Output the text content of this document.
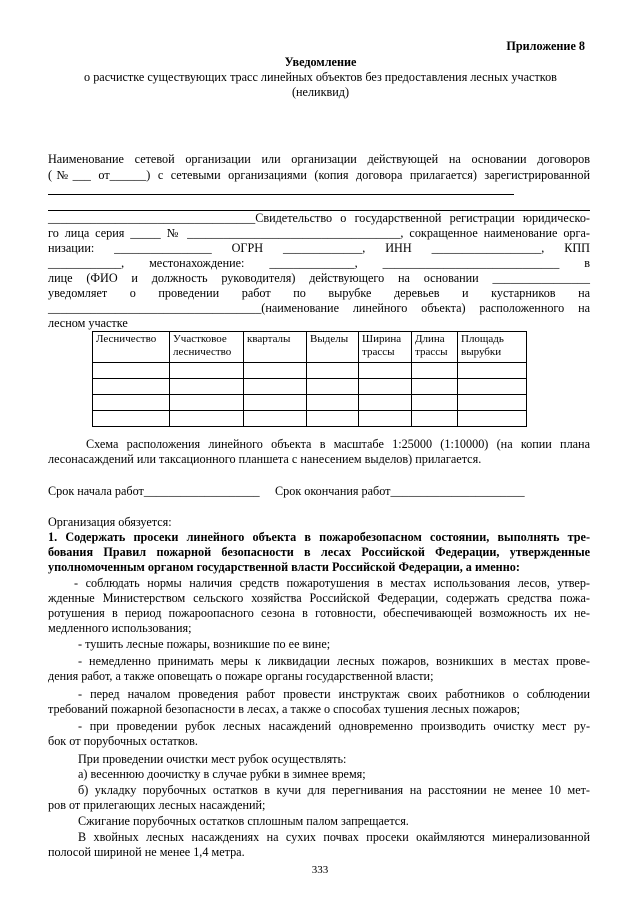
Приложение 8
Уведомление
о расчистке существующих трасс линейных объектов без предоставления лесных участков
(неликвид)
Наименование сетевой организации или организации действующей на основании договоров
(№___ от______) с сетевыми организациями (копия договора прилагается) зарегистрированной
__________________________________Свидетельство о государственной регистрации юридическо-
го лица серия _____ № ___________________________________, сокращенное наименование орга-
низации: ________________ ОГРН _____________, ИНН __________________, КПП
____________, местонахождение: ______________, _____________________________ в
лице (ФИО и должность руководителя) действующего на основании ________________
уведомляет о проведении работ по вырубке деревьев и кустарников на
___________________________________(наименование линейного объекта) расположенного на
лесном участке
Лесничество	Участковое лесничество	кварталы	Выделы	Ширина трассы	Длина трассы	Площадь вырубки

Схема расположения линейного объекта в масштабе 1:25000 (1:10000) (на копии плана
лесонасаждений или таксационного планшета с нанесением выделов) прилагается.
Срок начала работ___________________ Срок окончания работ______________________
Организация обязуется:
1. Содержать просеки линейного объекта в пожаробезопасном состоянии, выполнять тре-
бования Правил пожарной безопасности в лесах Российской Федерации, утвержденные
уполномоченным органом государственной власти Российской Федерации, а именно:
- соблюдать нормы наличия средств пожаротушения в местах использования лесов, утвер-
жденные Министерством сельского хозяйства Российской Федерации, содержать средства пожа-
ротушения в период пожароопасного сезона в готовности, обеспечивающей возможность их не-
медленного использования;
- тушить лесные пожары, возникшие по ее вине;
- немедленно принимать меры к ликвидации лесных пожаров, возникших в местах прове-
дения работ, а также оповещать о пожаре органы государственной власти;
- перед началом проведения работ провести инструктаж своих работников о соблюдении
требований пожарной безопасности в лесах, а также о способах тушения лесных пожаров;
- при проведении рубок лесных насаждений одновременно производить очистку мест ру-
бок от порубочных остатков.
При проведении очистки мест рубок осуществлять:
а) весеннюю доочистку в случае рубки в зимнее время;
б) укладку порубочных остатков в кучи для перегнивания на расстоянии не менее 10 мет-
ров от прилегающих лесных насаждений;
Сжигание порубочных остатков сплошным палом запрещается.
В хвойных лесных насаждениях на сухих почвах просеки окаймляются минерализованной
полосой шириной не менее 1,4 метра.
333
